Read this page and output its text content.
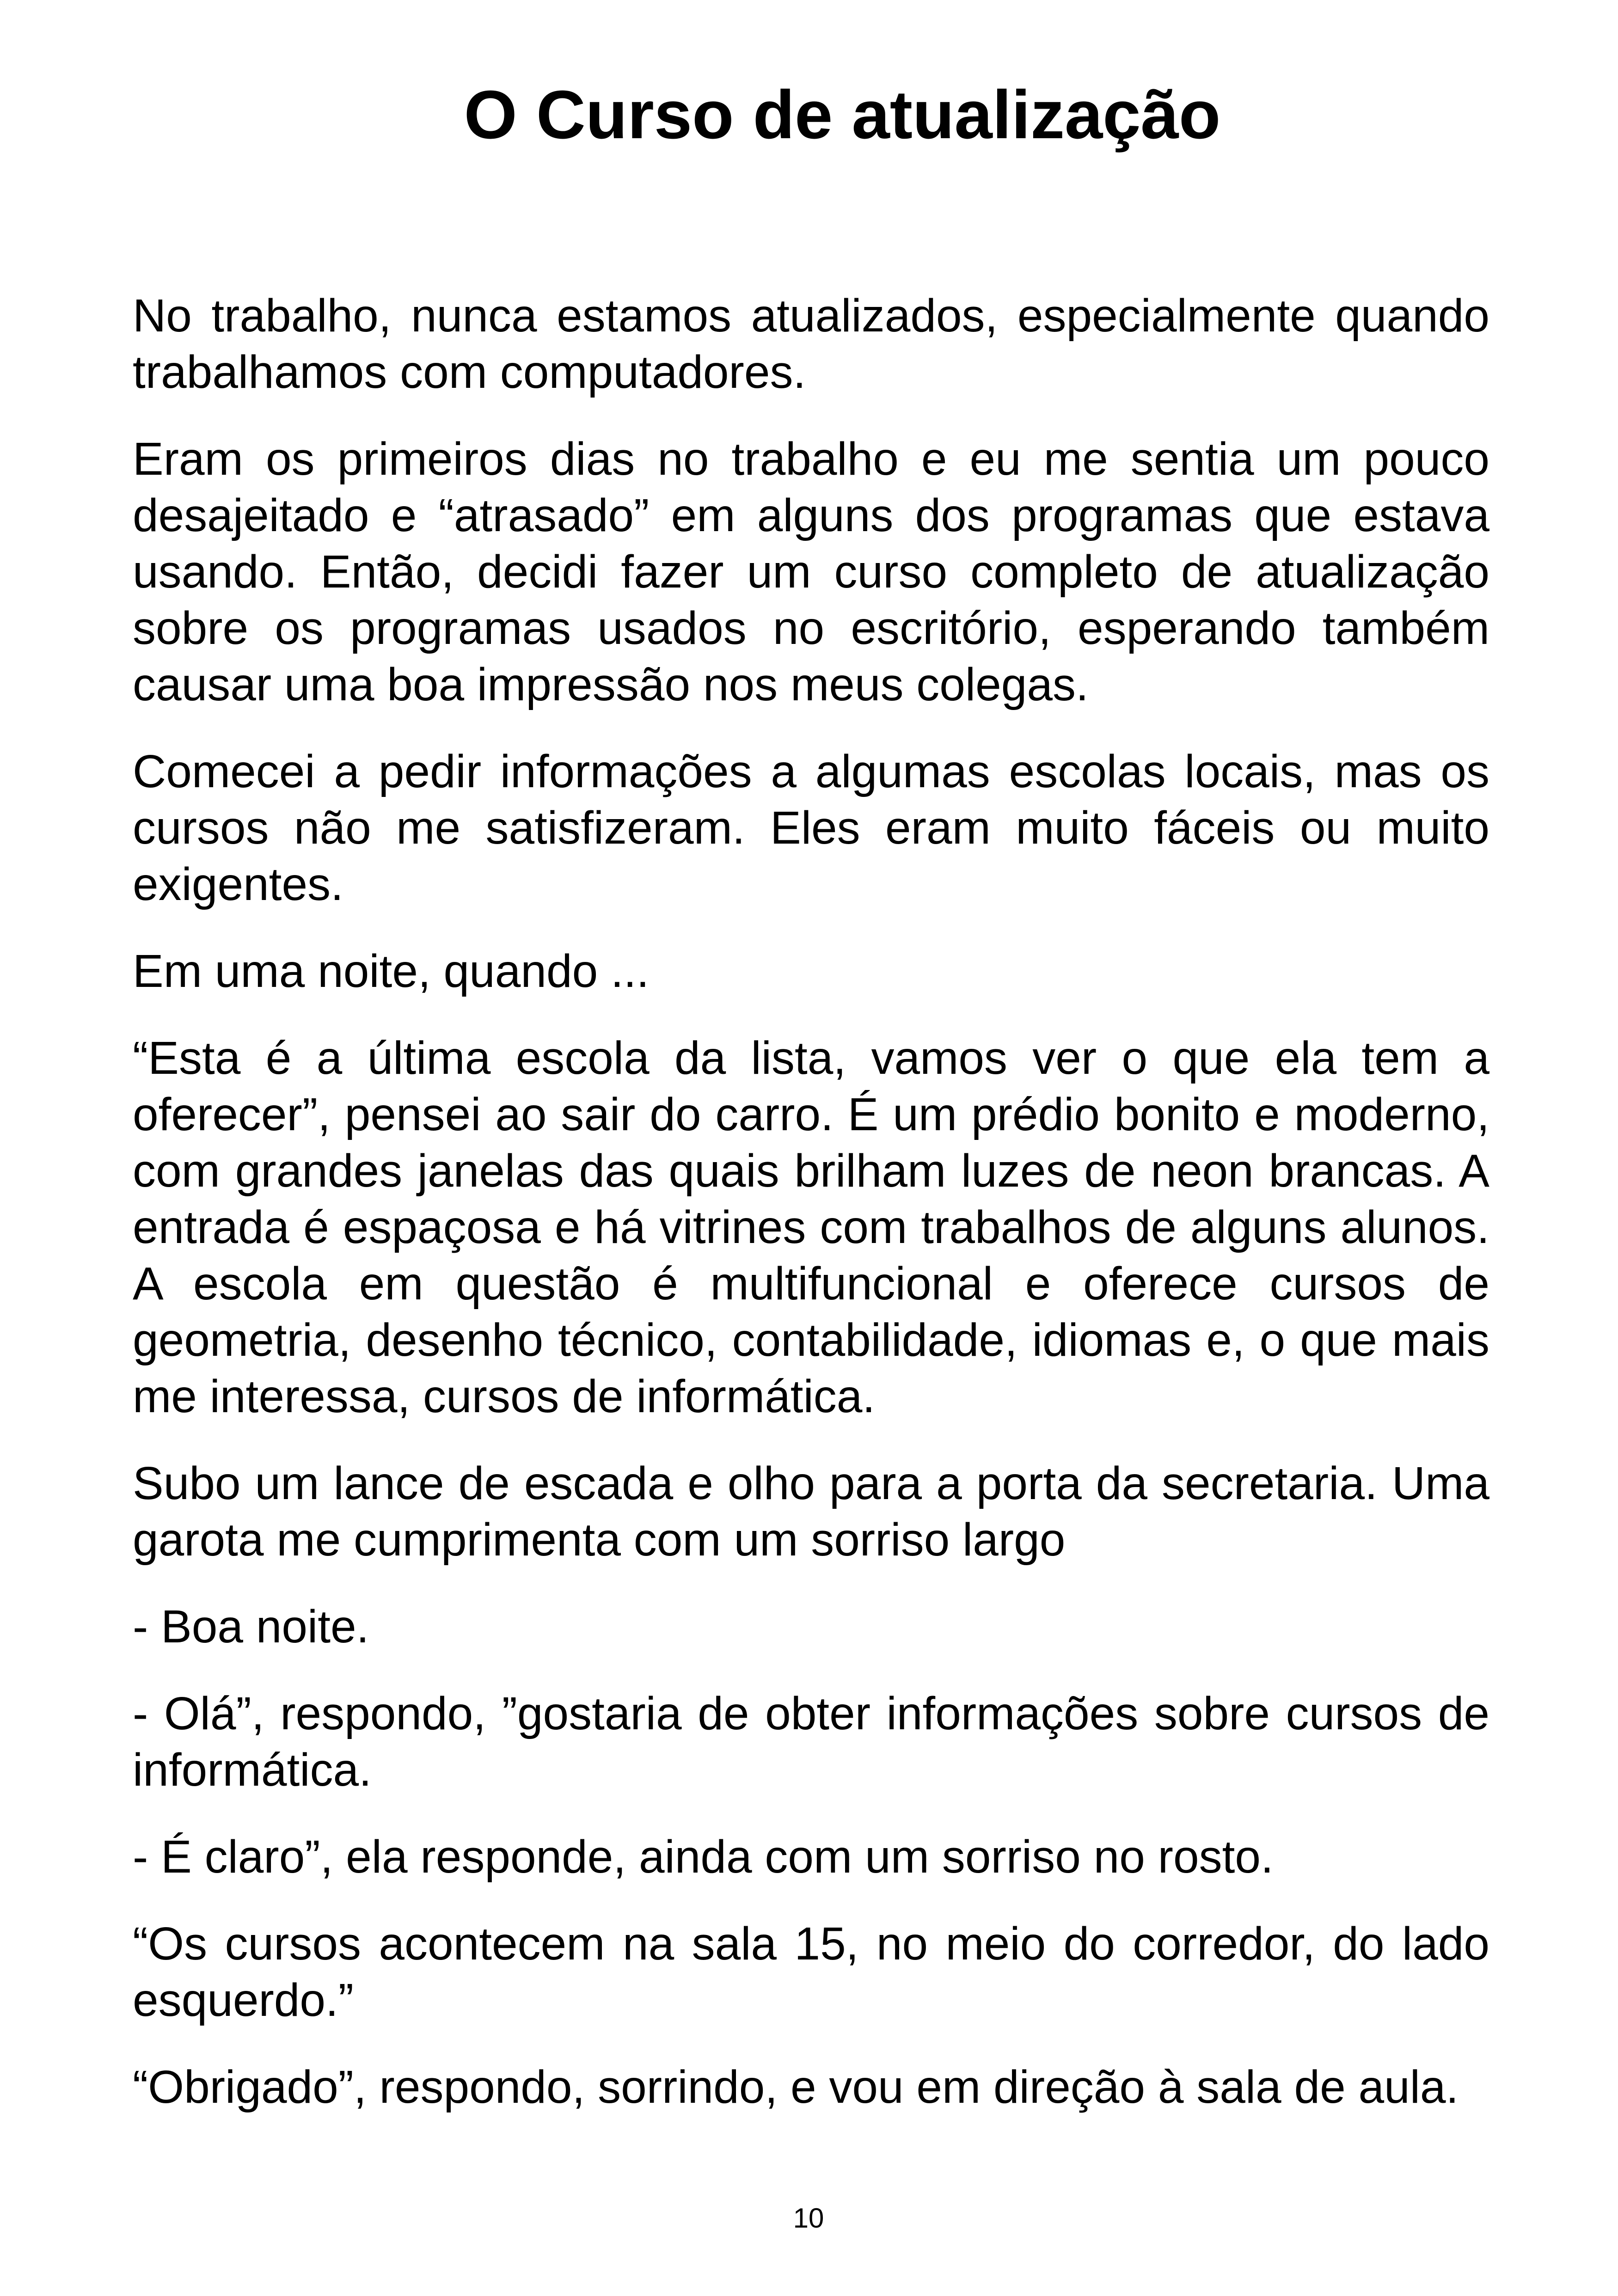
O Curso de atualização

No trabalho, nunca estamos atualizados, especialmente quando trabalhamos com computadores.

Eram os primeiros dias no trabalho e eu me sentia um pouco desajeitado e “atrasado” em alguns dos programas que estava usando. Então, decidi fazer um curso completo de atualização sobre os programas usados no escritório, esperando também causar uma boa impressão nos meus colegas.

Comecei a pedir informações a algumas escolas locais, mas os cursos não me satisfizeram. Eles eram muito fáceis ou muito exigentes.

Em uma noite, quando ...

“Esta é a última escola da lista, vamos ver o que ela tem a oferecer”, pensei ao sair do carro. É um prédio bonito e moderno, com grandes janelas das quais brilham luzes de neon brancas. A entrada é espaçosa e há vitrines com trabalhos de alguns alunos. A escola em questão é multifuncional e oferece cursos de geometria, desenho técnico, contabilidade, idiomas e, o que mais me interessa, cursos de informática.

Subo um lance de escada e olho para a porta da secretaria. Uma garota me cumprimenta com um sorriso largo

- Boa noite.

- Olá”, respondo, ”gostaria de obter informações sobre cursos de informática.

- É claro”, ela responde, ainda com um sorriso no rosto.

“Os cursos acontecem na sala 15, no meio do corredor, do lado esquerdo.”

“Obrigado”, respondo, sorrindo, e vou em direção à sala de aula.

10
